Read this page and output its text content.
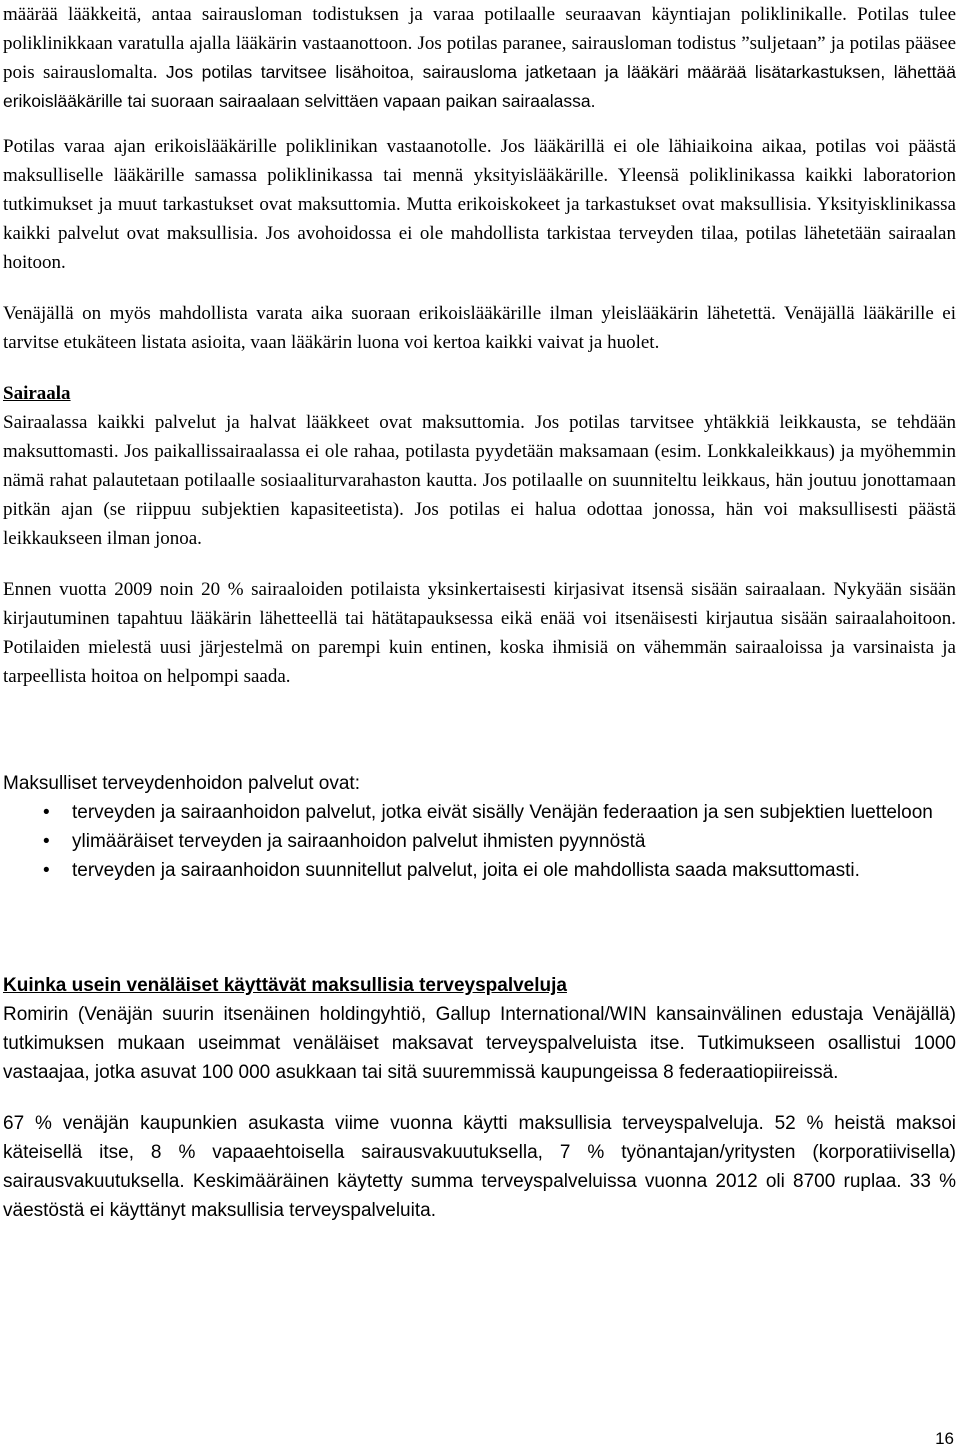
määrää lääkkeitä, antaa sairausloman todistuksen ja varaa potilaalle seuraavan käyntiajan poliklinikalle. Potilas tulee poliklinikkaan varatulla ajalla lääkärin vastaanottoon. Jos potilas paranee, sairausloman todistus ”suljetaan” ja potilas pääsee pois sairauslomalta. Jos potilas tarvitsee lisähoitoa, sairausloma jatketaan ja lääkäri määrää lisätarkastuksen, lähettää erikoislääkärille tai suoraan sairaalaan selvittäen vapaan paikan sairaalassa.

Potilas varaa ajan erikoislääkärille poliklinikan vastaanotolle. Jos lääkärillä ei ole lähiaikoina aikaa, potilas voi päästä maksulliselle lääkärille samassa poliklinikassa tai mennä yksityislääkärille. Yleensä poliklinikassa kaikki laboratorion tutkimukset ja muut tarkastukset ovat maksuttomia. Mutta erikoiskokeet ja tarkastukset ovat maksullisia. Yksityisklinikassa kaikki palvelut ovat maksullisia. Jos avohoidossa ei ole mahdollista tarkistaa terveyden tilaa, potilas lähetetään sairaalan hoitoon.

Venäjällä on myös mahdollista varata aika suoraan erikoislääkärille ilman yleislääkärin lähetettä. Venäjällä lääkärille ei tarvitse etukäteen listata asioita, vaan lääkärin luona voi kertoa kaikki vaivat ja huolet.

Sairaala

Sairaalassa kaikki palvelut ja halvat lääkkeet ovat maksuttomia. Jos potilas tarvitsee yhtäkkiä leikkausta, se tehdään maksuttomasti. Jos paikallissairaalassa ei ole rahaa, potilasta pyydetään maksamaan (esim. Lonkkaleikkaus) ja myöhemmin nämä rahat palautetaan potilaalle sosiaaliturvarahaston kautta. Jos potilaalle on suunniteltu leikkaus, hän joutuu jonottamaan pitkän ajan (se riippuu subjektien kapasiteetista). Jos potilas ei halua odottaa jonossa, hän voi maksullisesti päästä leikkaukseen ilman jonoa.

Ennen vuotta 2009 noin 20 % sairaaloiden potilaista yksinkertaisesti kirjasivat itsensä sisään sairaalaan. Nykyään sisään kirjautuminen tapahtuu lääkärin lähetteellä tai hätätapauksessa eikä enää voi itsenäisesti kirjautua sisään sairaalahoitoon. Potilaiden mielestä uusi järjestelmä on parempi kuin entinen, koska ihmisiä on vähemmän sairaaloissa ja varsinaista ja tarpeellista hoitoa on helpompi saada.

Maksulliset terveydenhoidon palvelut ovat:

• terveyden ja sairaanhoidon palvelut, jotka eivät sisälly Venäjän federaation ja sen subjektien luetteloon
• ylimääräiset terveyden ja sairaanhoidon palvelut ihmisten pyynnöstä
• terveyden ja sairaanhoidon suunnitellut palvelut, joita ei ole mahdollista saada maksuttomasti.
Kuinka usein venäläiset käyttävät maksullisia terveyspalveluja

Romirin (Venäjän suurin itsenäinen holdingyhtiö, Gallup International/WIN kansainvälinen edustaja Venäjällä) tutkimuksen mukaan useimmat venäläiset maksavat terveyspalveluista itse. Tutkimukseen osallistui 1000 vastaajaa, jotka asuvat 100 000 asukkaan tai sitä suuremmissä kaupungeissa 8 federaatiopiireissä.

67 % venäjän kaupunkien asukasta viime vuonna käytti maksullisia terveyspalveluja. 52 % heistä maksoi käteisellä itse, 8 % vapaaehtoisella sairausvakuutuksella, 7 % työnantajan/yritysten (korporatiivisella) sairausvakuutuksella. Keskimääräinen käytetty summa terveyspalveluissa vuonna 2012 oli 8700 ruplaa. 33 % väestöstä ei käyttänyt maksullisia terveyspalveluita.

16
